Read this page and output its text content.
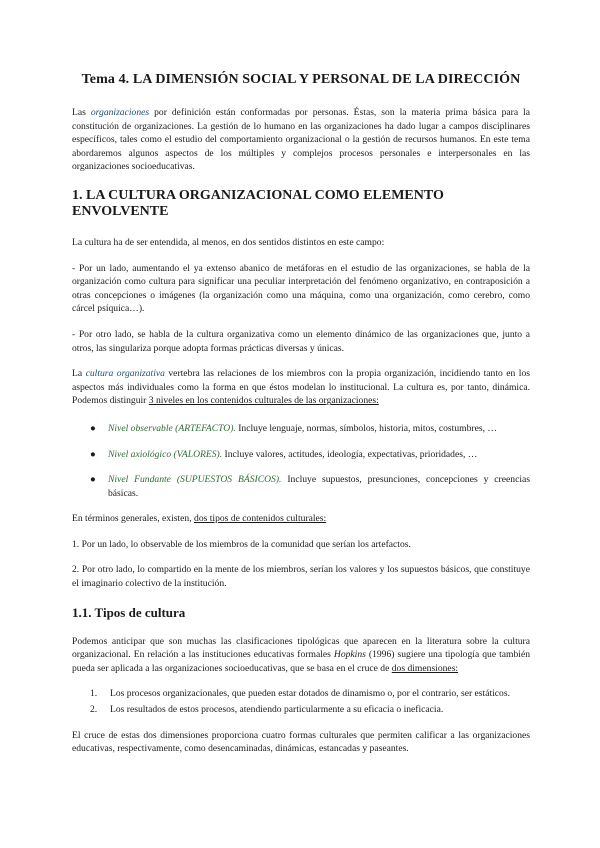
Tema 4. LA DIMENSIÓN SOCIAL Y PERSONAL DE LA DIRECCIÓN

Las organizaciones por definición están conformadas por personas. Éstas, son la materia prima básica para la constitución de organizaciones. La gestión de lo humano en las organizaciones ha dado lugar a campos disciplinares específicos, tales como el estudio del comportamiento organizacional o la gestión de recursos humanos. En este tema abordaremos algunos aspectos de los múltiples y complejos procesos personales e interpersonales en las organizaciones socioeducativas.

1. LA CULTURA ORGANIZACIONAL COMO ELEMENTO ENVOLVENTE

La cultura ha de ser entendida, al menos, en dos sentidos distintos en este campo:

- Por un lado, aumentando el ya extenso abanico de metáforas en el estudio de las organizaciones, se habla de la organización como cultura para significar una peculiar interpretación del fenómeno organizativo, en contraposición a otras concepciones o imágenes (la organización como una máquina, como una organización, como cerebro, como cárcel psíquica…).

- Por otro lado, se habla de la cultura organizativa como un elemento dinámico de las organizaciones que, junto a otros, las singulariza porque adopta formas prácticas diversas y únicas.

La cultura organizativa vertebra las relaciones de los miembros con la propia organización, incidiendo tanto en los aspectos más individuales como la forma en que éstos modelan lo institucional. La cultura es, por tanto, dinámica. Podemos distinguir 3 niveles en los contenidos culturales de las organizaciones:

● Nivel observable (ARTEFACTO). Incluye lenguaje, normas, símbolos, historia, mitos, costumbres, …
● Nivel axiológico (VALORES). Incluye valores, actitudes, ideología, expectativas, prioridades, …
● Nivel Fundante (SUPUESTOS BÁSICOS). Incluye supuestos, presunciones, concepciones y creencias básicas.

En términos generales, existen, dos tipos de contenidos culturales:

1. Por un lado, lo observable de los miembros de la comunidad que serían los artefactos.

2. Por otro lado, lo compartido en la mente de los miembros, serían los valores y los supuestos básicos, que constituye el imaginario colectivo de la institución.

1.1. Tipos de cultura

Podemos anticipar que son muchas las clasificaciones tipológicas que aparecen en la literatura sobre la cultura organizacional. En relación a las instituciones educativas formales Hopkins (1996) sugiere una tipología que también pueda ser aplicada a las organizaciones socioeducativas, que se basa en el cruce de dos dimensiones:

1. Los procesos organizacionales, que pueden estar dotados de dinamismo o, por el contrario, ser estáticos.
2. Los resultados de estos procesos, atendiendo particularmente a su eficacia o ineficacia.

El cruce de estas dos dimensiones proporciona cuatro formas culturales que permiten calificar a las organizaciones educativas, respectivamente, como desencaminadas, dinámicas, estancadas y paseantes.
